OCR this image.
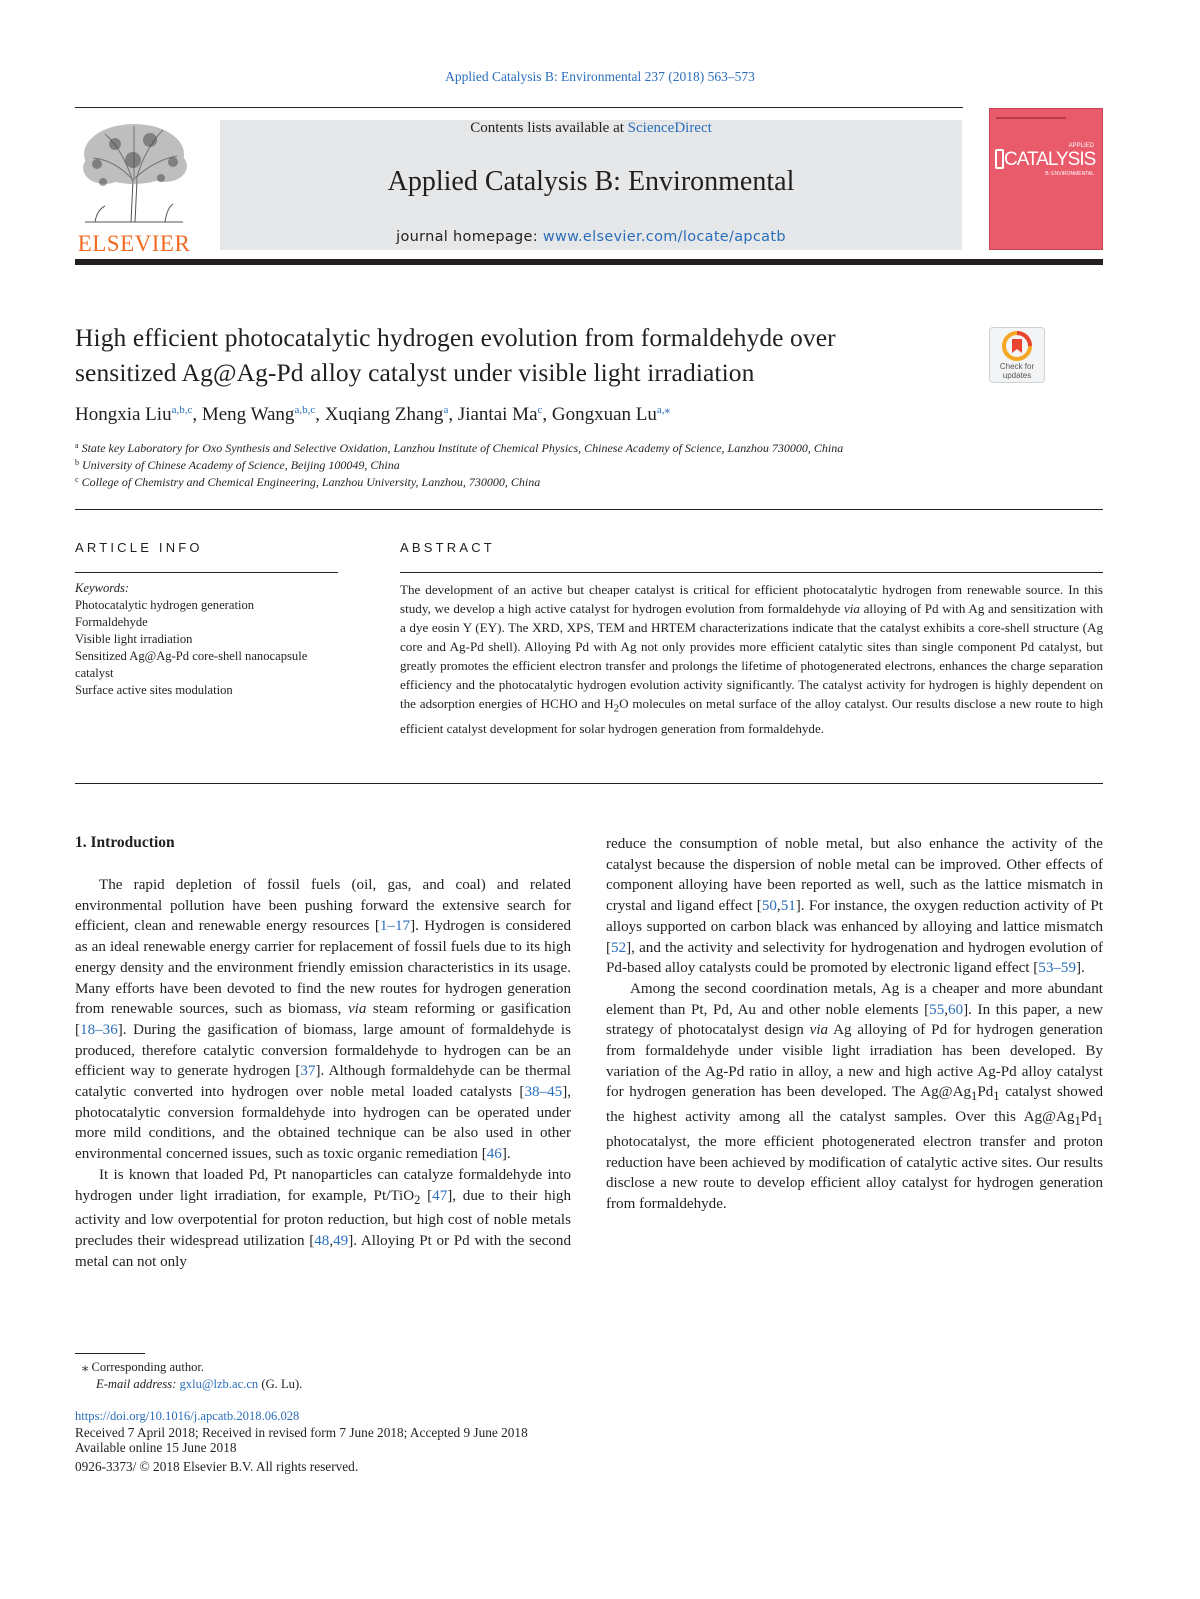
Applied Catalysis B: Environmental 237 (2018) 563–573
ELSEVIER
Contents lists available at ScienceDirect
Applied Catalysis B: Environmental
journal homepage: www.elsevier.com/locate/apcatb
APPLIED
CATALYSIS
B: ENVIRONMENTAL
High efficient photocatalytic hydrogen evolution from formaldehyde over
sensitized Ag@Ag-Pd alloy catalyst under visible light irradiation	Check for
updates
Hongxia Liu$^{a,b,c}$, Meng Wang$^{a,b,c}$, Xuqiang Zhang$^a$, Jiantai Ma$^c$, Gongxuan $Lu^{a,⁎}$
$^a$ State key Laboratory for Oxo Synthesis and Selective Oxidation, Lanzhou Institute of Chemical Physics, Chinese Academy of Science, Lanzhou 730000, China
$^b$ University of Chinese Academy of Science, Beijing 100049, China
$^c$ College of Chemistry and Chemical Engineering, Lanzhou University, Lanzhou, 730000, China
ARTICLE INFO
Keywords:
Photocatalytic hydrogen generation
Formaldehyde
Visible light irradiation
Sensitized Ag@Ag-Pd core-shell nanocapsule
catalyst
Surface active sites modulation
ABSTRACT
The development of an active but cheaper catalyst is critical for efficient photocatalytic hydrogen from renewable source. In this study, we develop a high active catalyst for hydrogen evolution from formaldehyde via alloying of Pd with Ag and sensitization with a dye eosin Y (EY). The XRD, XPS, TEM and HRTEM characterizations indicate that the catalyst exhibits a core-shell structure (Ag core and Ag-Pd shell). Alloying Pd with Ag not only provides more efficient catalytic sites than single component Pd catalyst, but greatly promotes the efficient electron transfer and prolongs the lifetime of photogenerated electrons, enhances the charge separation efficiency and the photocatalytic hydrogen evolution activity significantly. The catalyst activity for hydrogen is highly dependent on the adsorption energies of HCHO and $H_2O$ molecules on metal surface of the alloy catalyst. Our results disclose a new route to high efficient catalyst development for solar hydrogen generation from formaldehyde.
1. Introduction

The rapid depletion of fossil fuels (oil, gas, and coal) and related environmental pollution have been pushing forward the extensive search for efficient, clean and renewable energy resources [1–17]. Hydrogen is considered as an ideal renewable energy carrier for replacement of fossil fuels due to its high energy density and the environment friendly emission characteristics in its usage. Many efforts have been devoted to find the new routes for hydrogen generation from renewable sources, such as biomass, via steam reforming or gasification [18–36]. During the gasification of biomass, large amount of formaldehyde is produced, therefore catalytic conversion formaldehyde to hydrogen can be an efficient way to generate hydrogen [37]. Although formaldehyde can be thermal catalytic converted into hydrogen over noble metal loaded catalysts [38–45], photocatalytic conversion formaldehyde into hydrogen can be operated under more mild conditions, and the obtained technique can be also used in other environmental concerned issues, such as toxic organic remediation [46].

It is known that loaded Pd, Pt nanoparticles can catalyze formaldehyde into hydrogen under light irradiation, for example, Pt/TiO$_2$ [47], due to their high activity and low overpotential for proton reduction, but high cost of noble metals precludes their widespread utilization [48,49]. Alloying Pt or Pd with the second metal can not only

reduce the consumption of noble metal, but also enhance the activity of the catalyst because the dispersion of noble metal can be improved. Other effects of component alloying have been reported as well, such as the lattice mismatch in crystal and ligand effect [50,51]. For instance, the oxygen reduction activity of Pt alloys supported on carbon black was enhanced by alloying and lattice mismatch [52], and the activity and selectivity for hydrogenation and hydrogen evolution of Pd-based alloy catalysts could be promoted by electronic ligand effect [53–59].

Among the second coordination metals, Ag is a cheaper and more abundant element than Pt, Pd, Au and other noble elements [55,60]. In this paper, a new strategy of photocatalyst design via Ag alloying of Pd for hydrogen generation from formaldehyde under visible light irradiation has been developed. By variation of the Ag-Pd ratio in alloy, a new and high active Ag-Pd alloy catalyst for hydrogen generation has been developed. The $Ag@Ag_1Pd_1$ catalyst showed the highest activity among all the catalyst samples. Over this $Ag@Ag_1Pd_1$ photocatalyst, the more efficient photogenerated electron transfer and proton reduction have been achieved by modification of catalytic active sites. Our results disclose a new route to develop efficient alloy catalyst for hydrogen generation from formaldehyde.

⁎ Corresponding author.
E-mail address: gxlu@lzb.ac.cn (G. Lu).
https://doi.org/10.1016/j.apcatb.2018.06.028
Received 7 April 2018; Received in revised form 7 June 2018; Accepted 9 June 2018
Available online 15 June 2018
0926-3373/ © 2018 Elsevier B.V. All rights reserved.
